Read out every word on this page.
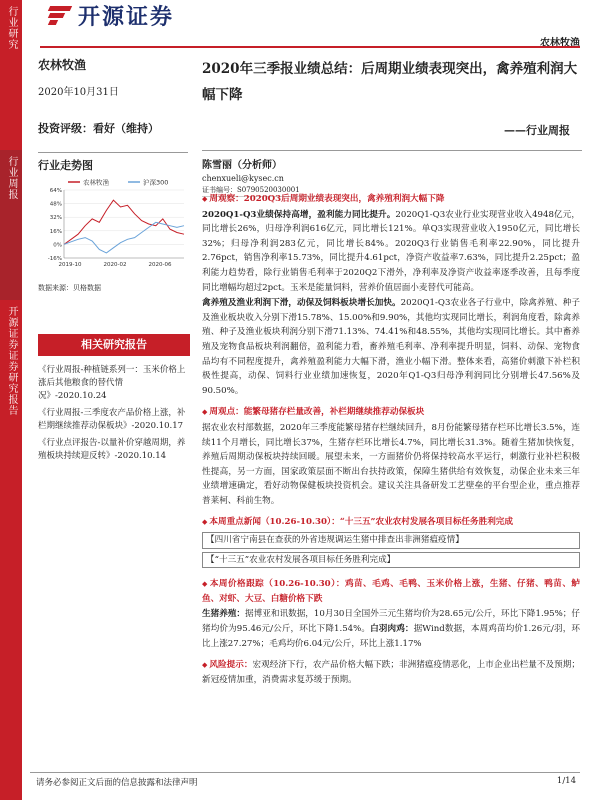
行业研究
行业周报
开源证券证券研究报告
开源证券
农林牧渔
农林牧渔
2020年10月31日
投资评级：看好（维持）
行业走势图
农林牧渔	沪深300
64%
48%
32%
16%
0%
-16%
2019-10	2020-02	2020-06
数据来源：贝格数据
相关研究报告
《行业周报-种植链系列一：玉米价格上涨后其他粮食的替代情况》-2020.10.24
《行业周报-三季度农产品价格上涨，补栏期继续推荐动保板块》-2020.10.17
《行业点评报告-以量补价穿越周期，养殖板块持续迎反转》-2020.10.14
2020年三季报业绩总结：后周期业绩表现突出，禽养殖利润大幅下降
——行业周报
陈雪丽（分析师）
chenxueli@kysec.cn
证书编号：S0790520030001

◆ 周观察：2020Q3后周期业绩表现突出，禽养殖利润大幅下降

2020Q1-Q3业绩保持高增，盈利能力同比提升。2020Q1-Q3农业行业实现营业收入4948亿元，同比增长26%，归母净利润616亿元，同比增长121%。单Q3实现营业收入1950亿元，同比增长32%；归母净利润283亿元，同比增长84%。2020Q3行业销售毛利率22.90%，同比提升2.76pct，销售净利率15.73%，同比提升4.61pct，净资产收益率7.63%，同比提升2.25pct；盈利能力趋势看，除行业销售毛利率于2020Q2下滑外，净利率及净资产收益率逐季改善，且每季度同比增幅均超过2pct。玉米是能量饲料，营养价值居面小麦替代可能高。

禽养殖及渔业利润下滑，动保及饲料板块增长加快。2020Q1-Q3农业各子行业中，除禽养殖、种子及渔业板块收入分别下滑15.78%、15.00%和9.90%，其他均实现同比增长，利润角度看，除禽养殖、种子及渔业板块利润分别下滑71.13%、74.41%和48.55%，其他均实现同比增长。其中畜养殖及宠物食品板块利润翻倍，盈利能力看，畜养殖毛利率、净利率提升明显，饲料、动保、宠物食品均有不同程度提升，禽养殖盈利能力大幅下滑，渔业小幅下滑。整体来看，高猪价刺激下补栏积极性提高，动保、饲料行业业绩加速恢复，2020年Q1-Q3归母净利润同比分别增长47.56%及90.50%。

◆ 周观点：能繁母猪存栏量改善，补栏期继续推荐动保板块

据农业农村部数据，2020年三季度能繁母猪存栏继续回升，8月份能繁母猪存栏环比增长3.5%，连续11个月增长，同比增长37%，生猪存栏环比增长4.7%，同比增长31.3%。随着生猪加快恢复，养殖后周期动保板块持续回暖。展望未来，一方面猪价仍将保持较高水平运行，刺激行业补栏积极性提高，另一方面，国家政策层面不断出台扶持政策，保障生猪供给有效恢复，动保企业未来三年业绩增速确定，看好动物保健板块投资机会。建议关注具备研发工艺壁垒的平台型企业，重点推荐普莱柯、科前生物。

◆ 本周重点新闻（10.26-10.30）：“十三五”农业农村发展各项目标任务胜利完成

【四川省宁南县在查获的外省违规调运生猪中排查出非洲猪瘟疫情】
【“十三五”农业农村发展各项目标任务胜利完成】

◆ 本周价格跟踪（10.26-10.30）：鸡苗、毛鸡、毛鸭、玉米价格上涨，生猪、仔猪、鸭苗、鲈鱼、对虾、大豆、白糖价格下跌

生猪养殖：据博亚和讯数据，10月30日全国外三元生猪均价为28.65元/公斤，环比下降1.95%；仔猪均价为95.46元/公斤，环比下降1.54%。白羽肉鸡：据Wind数据，本周鸡苗均价1.26元/羽，环比上涨27.27%；毛鸡均价6.04元/公斤，环比上涨1.17%

◆ 风险提示：宏观经济下行，农产品价格大幅下跌；非洲猪瘟疫情恶化，上市企业出栏量不及预期；新冠疫情加重，消费需求复苏缓于预期。

请务必参阅正文后面的信息披露和法律声明	1/14
